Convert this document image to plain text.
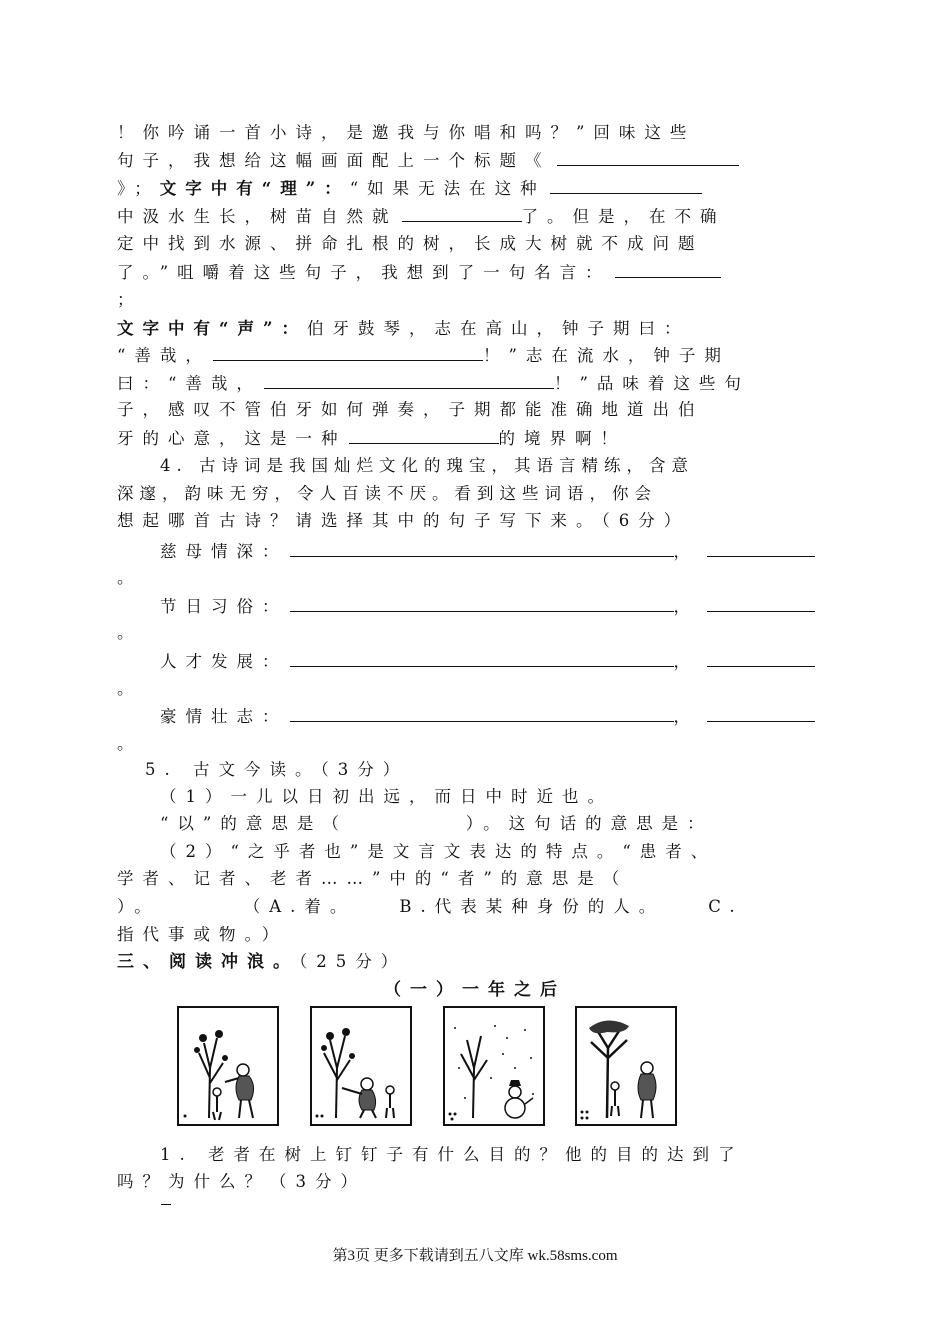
！你吟诵一首小诗，是邀我与你唱和吗？”回味这些
句子，我想给这幅画面配上一个标题《
》；文字中有“理”：“如果无法在这种
中汲水生长，树苗自然就	了。但是，在不确
定中找到水源、拼命扎根的树，长成大树就不成问题
了。”咀嚼着这些句子，我想到了一句名言：
；
文字中有“声”：伯牙鼓琴，志在高山，钟子期曰：
“善哉，	！”志在流水，钟子期
曰：“善哉，	！”品味着这些句
子，感叹不管伯牙如何弹奏，子期都能准确地道出伯
牙的心意，这是一种	的境界啊！
4. 古诗词是我国灿烂文化的瑰宝，其语言精练，含意
深邃，韵味无穷，令人百读不厌。看到这些词语，你会
想起哪首古诗？请选择其中的句子写下来。（6分）
慈母情深：	，
。
节日习俗：	，
。
人才发展：	，
。
豪情壮志：	，
。
5. 古文今读。（3分）
（1）一儿以日初出远，而日中时近也。
“以”的意思是（	）。这句话的意思是：
（2）“之乎者也”是文言文表达的特点。“患者、
学者、记者、老者……”中的“者”的意思是（
）。	（A.着。	B.代表某种身份的人。	C.
指代事或物。）
三、阅读冲浪。（25分）
（一）一年之后
1. 老者在树上钉钉子有什么目的？他的目的达到了
吗？为什么？（3分）
第3页 更多下载请到五八文库 wk.58sms.com
